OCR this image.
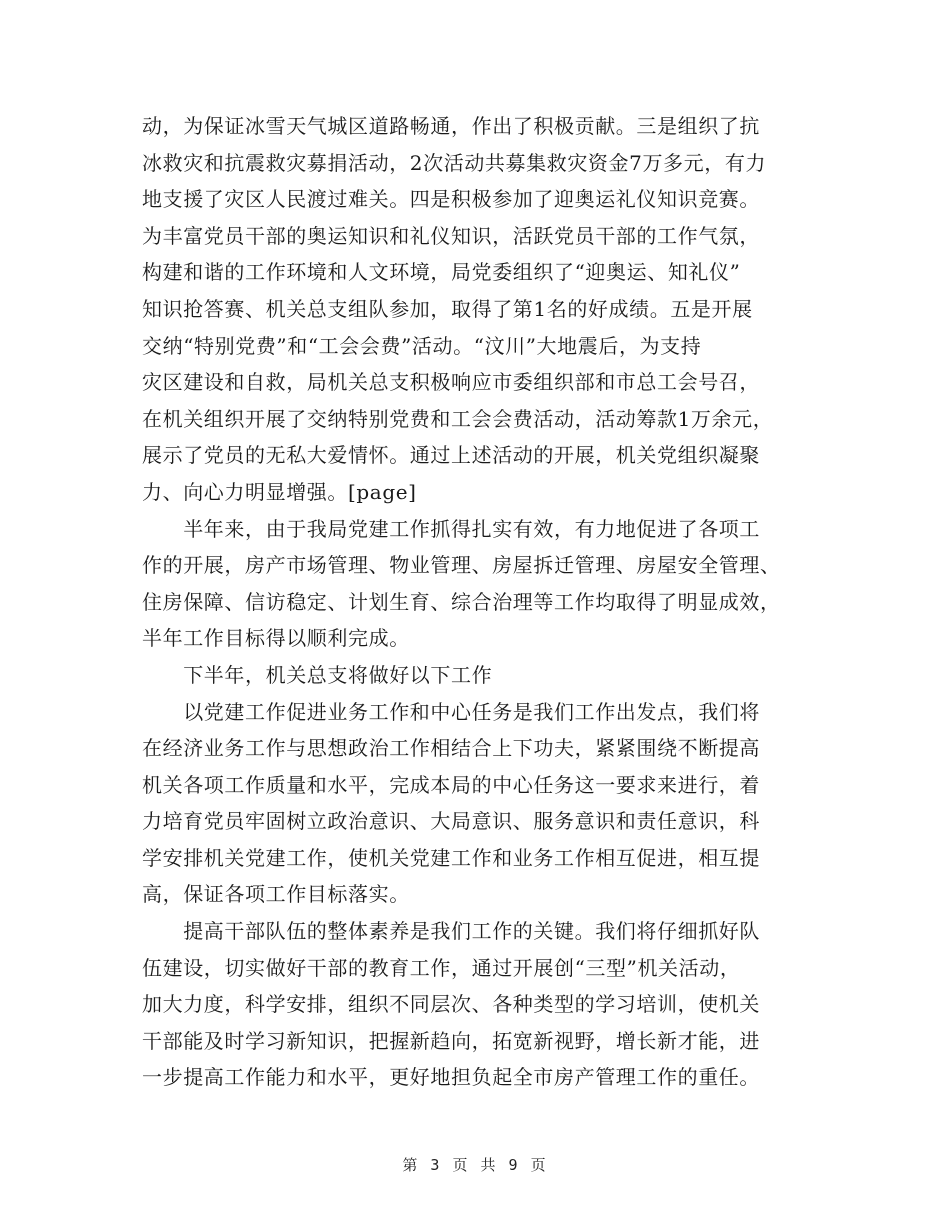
动，为保证冰雪天气城区道路畅通，作出了积极贡献。三是组织了抗
冰救灾和抗震救灾募捐活动，2次活动共募集救灾资金7万多元，有力
地支援了灾区人民渡过难关。四是积极参加了迎奥运礼仪知识竞赛。
为丰富党员干部的奥运知识和礼仪知识，活跃党员干部的工作气氛，
构建和谐的工作环境和人文环境，局党委组织了“迎奥运、知礼仪”
知识抢答赛、机关总支组队参加，取得了第1名的好成绩。五是开展
交纳“特别党费”和“工会会费”活动。“汶川”大地震后，为支持
灾区建设和自救，局机关总支积极响应市委组织部和市总工会号召，
在机关组织开展了交纳特别党费和工会会费活动，活动筹款1万余元，
展示了党员的无私大爱情怀。通过上述活动的开展，机关党组织凝聚
力、向心力明显增强。[page]
　　半年来，由于我局党建工作抓得扎实有效，有力地促进了各项工
作的开展，房产市场管理、物业管理、房屋拆迁管理、房屋安全管理、
住房保障、信访稳定、计划生育、综合治理等工作均取得了明显成效，
半年工作目标得以顺利完成。
　　下半年，机关总支将做好以下工作
　　以党建工作促进业务工作和中心任务是我们工作出发点，我们将
在经济业务工作与思想政治工作相结合上下功夫，紧紧围绕不断提高
机关各项工作质量和水平，完成本局的中心任务这一要求来进行，着
力培育党员牢固树立政治意识、大局意识、服务意识和责任意识，科
学安排机关党建工作，使机关党建工作和业务工作相互促进，相互提
高，保证各项工作目标落实。
　　提高干部队伍的整体素养是我们工作的关键。我们将仔细抓好队
伍建设，切实做好干部的教育工作，通过开展创“三型”机关活动，
加大力度，科学安排，组织不同层次、各种类型的学习培训，使机关
干部能及时学习新知识，把握新趋向，拓宽新视野，增长新才能，进
一步提高工作能力和水平，更好地担负起全市房产管理工作的重任。
第 3 页 共 9 页
